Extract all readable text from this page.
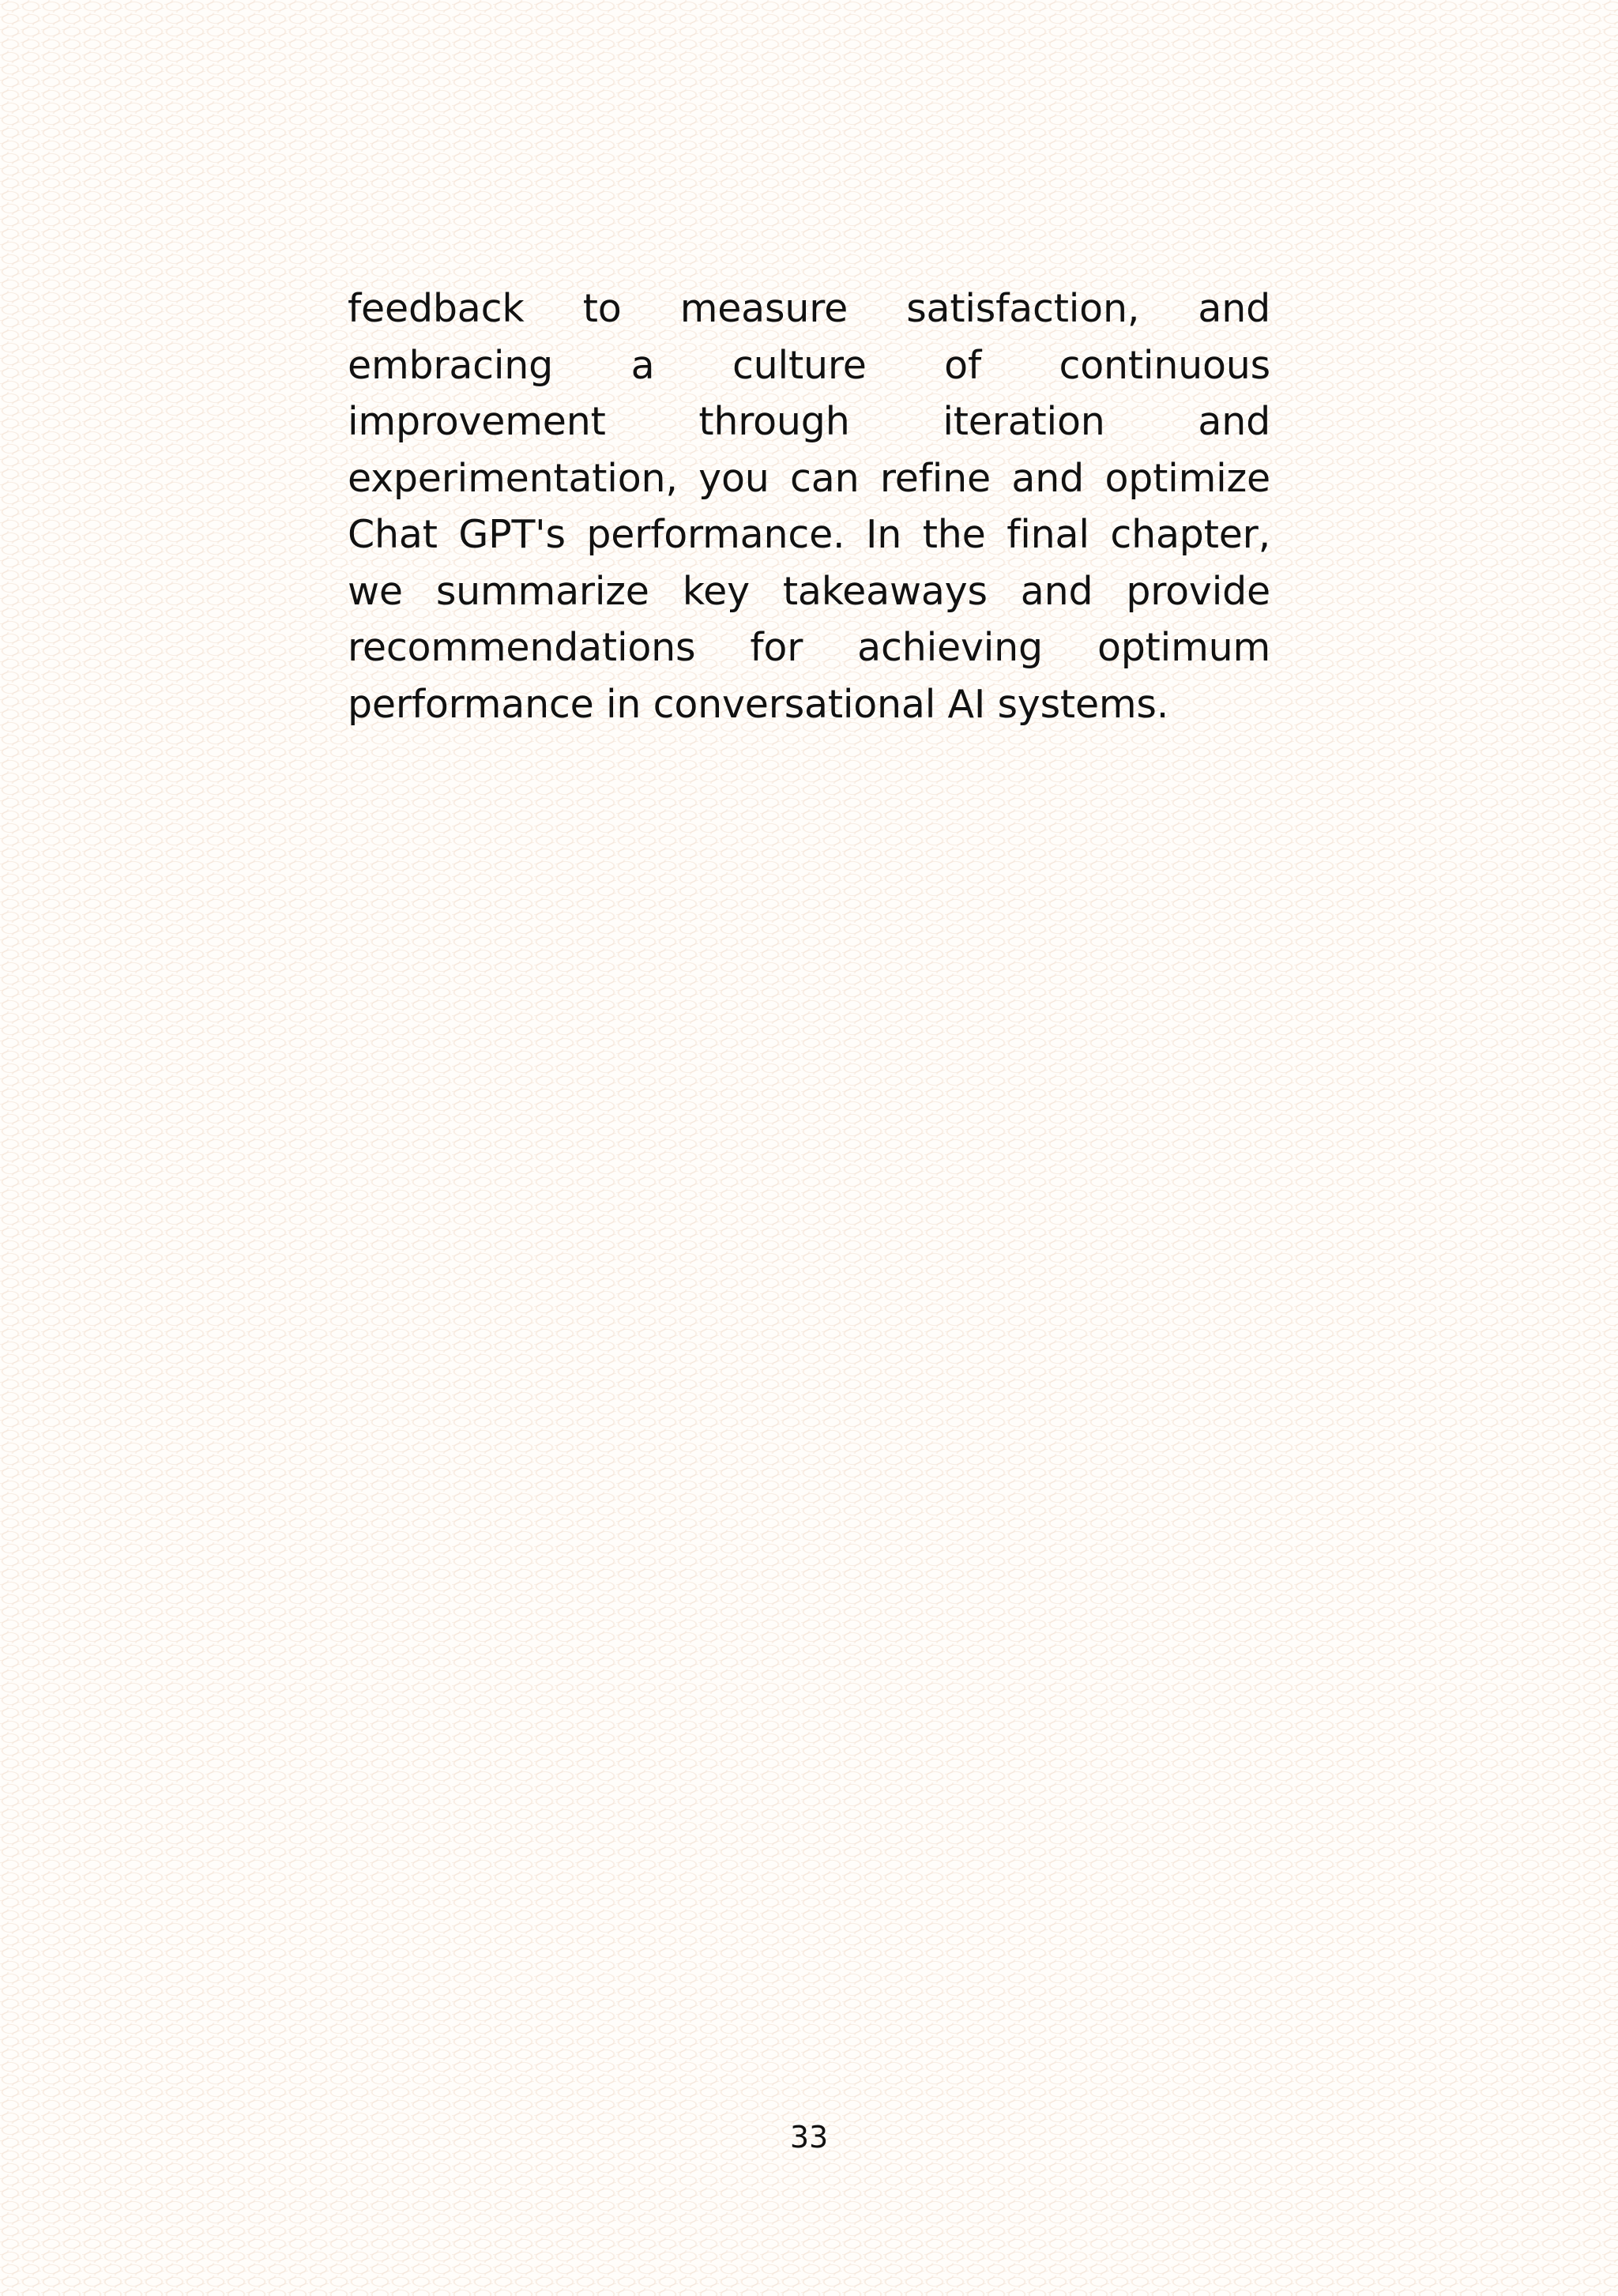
feedback to measure satisfaction, and embracing a culture of continuous improvement through iteration and experimentation, you can refine and optimize Chat GPT's performance. In the final chapter, we summarize key takeaways and provide recommendations for achieving optimum performance in conversational AI systems.

33
